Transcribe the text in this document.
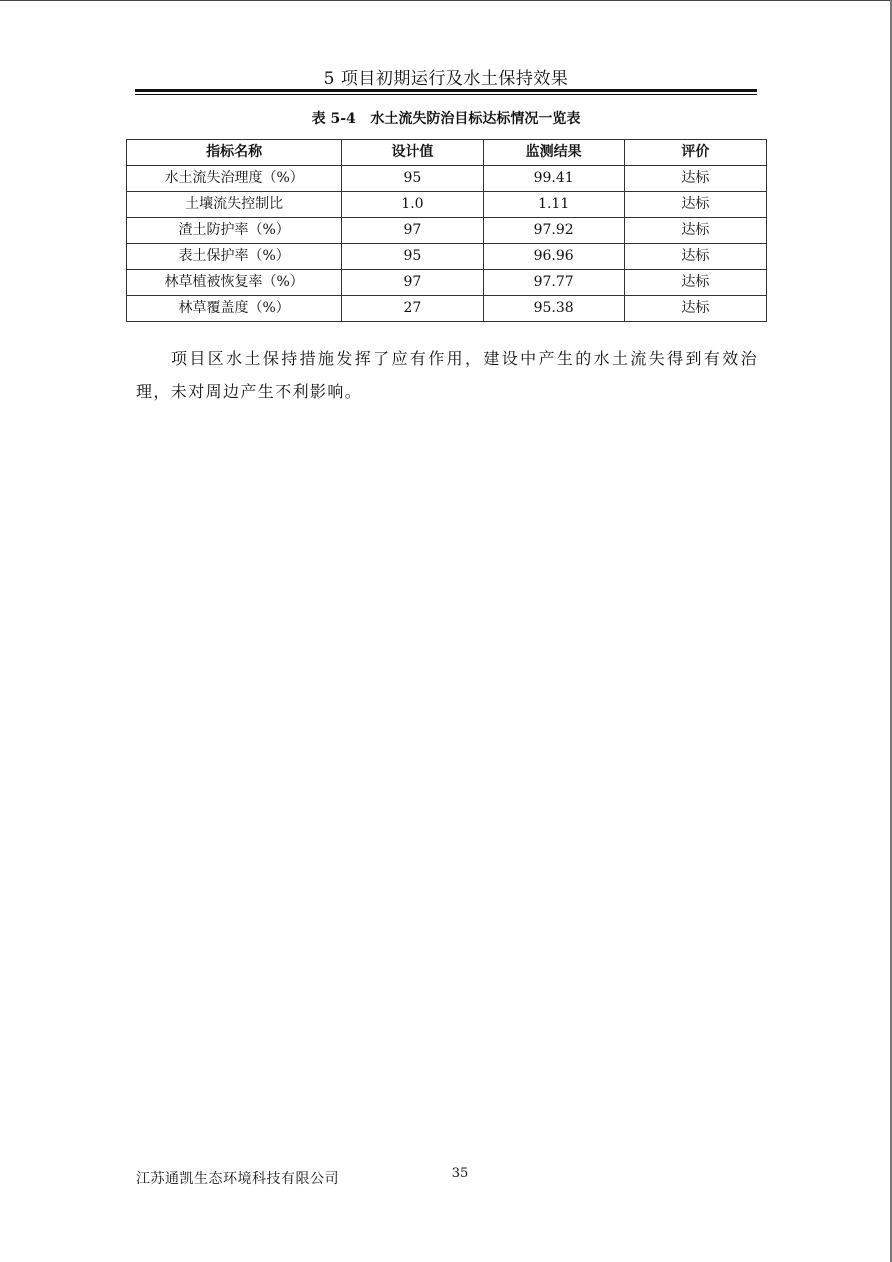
5 项目初期运行及水土保持效果
表 5-4   水土流失防治目标达标情况一览表
指标名称	设计值	监测结果	评价
水土流失治理度（%）	95	99.41	达标
土壤流失控制比	1.0	1.11	达标
渣土防护率（%）	97	97.92	达标
表土保护率（%）	95	96.96	达标
林草植被恢复率（%）	97	97.77	达标
林草覆盖度（%）	27	95.38	达标

项目区水土保持措施发挥了应有作用，建设中产生的水土流失得到有效治理，未对周边产生不利影响。

江苏通凯生态环境科技有限公司	35
